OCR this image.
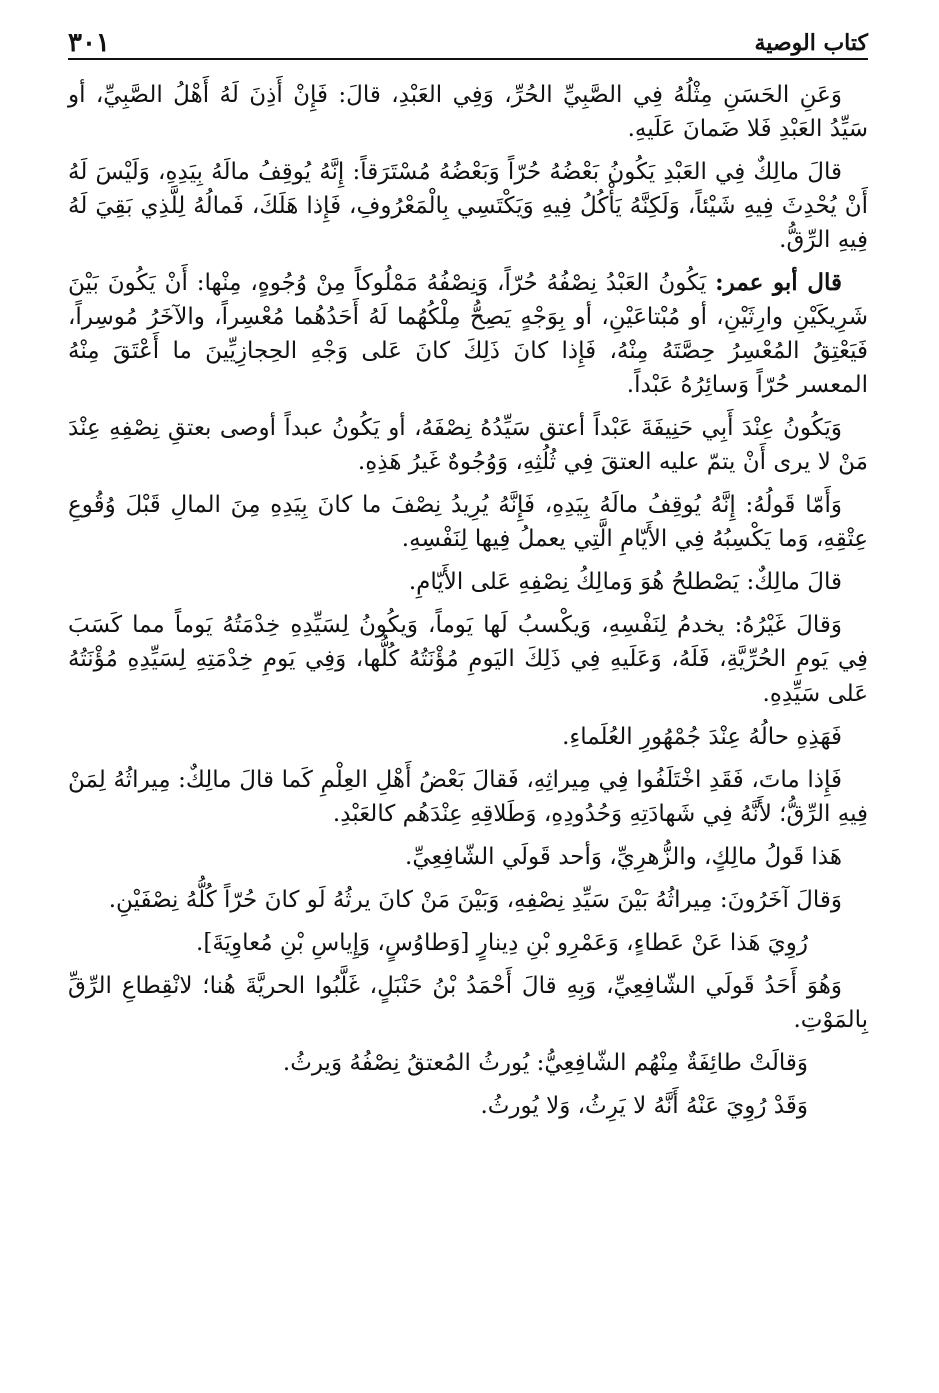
كتاب الوصية
٣٠١

وَعَنِ الحَسَنِ مِثْلُهُ فِي الصَّبِيِّ الحُرِّ، وَفِي العَبْدِ، قالَ: فَإِنْ أَذِنَ لَهُ أَهْلُ الصَّبِيِّ، أو سَيِّدُ العَبْدِ فَلا ضَمانَ عَلَيهِ.

قالَ مالِكٌ فِي العَبْدِ يَكُونُ بَعْضُهُ حُرّاً وَبَعْضُهُ مُسْتَرَقاً: إِنَّهُ يُوقِفُ مالَهُ بِيَدِهِ، وَلَيْسَ لَهُ أَنْ يُحْدِثَ فِيهِ شَيْئاً، وَلَكِنَّهُ يَأْكُلُ فِيهِ وَيَكْتَسِي بِالْمَعْرُوفِ، فَإِذا هَلَكَ، فَمالُهُ لِلَّذِي بَقِيَ لَهُ فِيهِ الرِّقُّ.

قال أبو عمر: يَكُونُ العَبْدُ نِصْفُهُ حُرّاً، وَنِصْفُهُ مَمْلُوكاً مِنْ وُجُوهٍ، مِنْها: أَنْ يَكُونَ بَيْنَ شَرِيكَيْنِ وارِثَيْنِ، أو مُبْتاعَيْنِ، أو بِوَجْهٍ يَصِحُّ مِلْكُهُما لَهُ أَحَدُهُما مُعْسِراً، والآخَرُ مُوسِراً، فَيَعْتِقُ المُعْسِرُ حِصَّتَهُ مِنْهُ، فَإِذا كانَ ذَلِكَ كانَ عَلى وَجْهِ الحِجازِيِّينَ ما أَعْتَقَ مِنْهُ المعسر حُرّاً وَسائِرُهُ عَبْداً.

وَيَكُونُ عِنْدَ أَبِي حَنِيفَةَ عَبْداً أعتق سَيِّدُهُ نِصْفَهُ، أو يَكُونُ عبداً أوصى بعتقِ نِصْفِهِ عِنْدَ مَنْ لا يرى أَنْ يتمّ عليه العتقَ فِي ثُلُثِهِ، وَوُجُوهٌ غَيرُ هَذِهِ.

وَأَمّا قَولُهُ: إِنَّهُ يُوقِفُ مالَهُ بِيَدِهِ، فَإِنَّهُ يُرِيدُ نِصْفَ ما كانَ بِيَدِهِ مِنَ المالِ قَبْلَ وُقُوعِ عِتْقِهِ، وَما يَكْسِبُهُ فِي الأَيّامِ الَّتِي يعملُ فِيها لِنَفْسِهِ.

قالَ مالِكٌ: يَصْطلحُ هُوَ وَمالِكُ نِصْفِهِ عَلى الأَيّامِ.

وَقالَ غَيْرُهُ: يخدمُ لِنَفْسِهِ، وَيكْسبُ لَها يَوماً، وَيكُونُ لِسَيِّدِهِ خِدْمَتُهُ يَوماً مما كَسَبَ فِي يَومِ الحُرِّيَّةِ، فَلَهُ، وَعَلَيهِ فِي ذَلِكَ اليَومِ مُؤْنَتُهُ كُلُّها، وَفِي يَومِ خِدْمَتِهِ لِسَيِّدِهِ مُؤْنَتُهُ عَلى سَيِّدِهِ.

فَهَذِهِ حالُهُ عِنْدَ جُمْهُورِ العُلَماءِ.

فَإِذا ماتَ، فَقَدِ اخْتَلَفُوا فِي مِيراثِهِ، فَقالَ بَعْضُ أَهْلِ العِلْمِ كَما قالَ مالِكٌ: مِيراثُهُ لِمَنْ فِيهِ الرِّقُّ؛ لأَنَّهُ فِي شَهادَتِهِ وَحُدُودِهِ، وَطَلاقِهِ عِنْدَهُم كالعَبْدِ.

هَذا قَولُ مالِكٍ، والزُّهرِيِّ، وَأحد قَولَي الشّافِعِيِّ.

وَقالَ آخَرُونَ: مِيراثُهُ بَيْنَ سَيِّدِ نِصْفِهِ، وَبَيْنَ مَنْ كانَ يرثُهُ لَو كانَ حُرّاً كُلُّهُ نِصْفَيْنِ.

رُوِيَ هَذا عَنْ عَطاءٍ، وَعَمْرِو بْنِ دِينارٍ [وَطاوُسٍ، وَإِياسِ بْنِ مُعاوِيَةَ].

وَهُوَ أَحَدُ قَولَي الشّافِعِيِّ، وَبِهِ قالَ أَحْمَدُ بْنُ حَنْبَلٍ، غَلَّبُوا الحريَّةَ هُنا؛ لانْقِطاعِ الرِّقِّ بِالمَوْتِ.

وَقالَتْ طائِفَةٌ مِنْهُم الشّافِعِيُّ: يُورثُ المُعتقُ نِصْفُهُ وَيرثُ.

وَقَدْ رُوِيَ عَنْهُ أَنَّهُ لا يَرِثُ، وَلا يُورثُ.
